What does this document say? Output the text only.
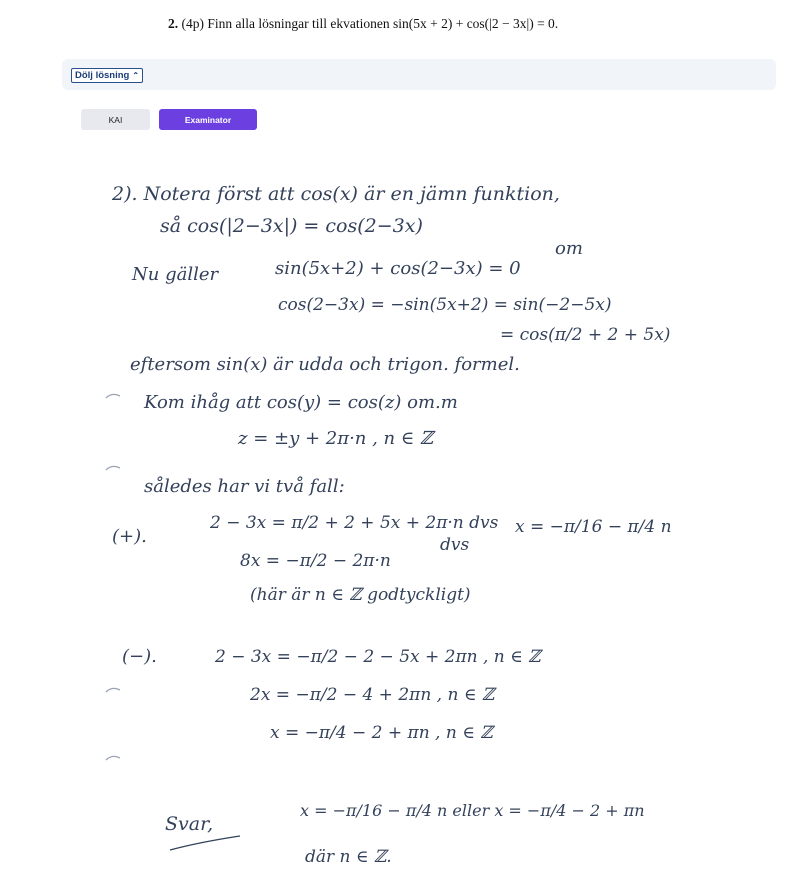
2. (4p) Finn alla lösningar till ekvationen sin(5x + 2) + cos(|2 − 3x|) = 0.
Dölj lösning ⌃
KAI	Examinator
2). Notera först att cos(x) är en jämn funktion,
så cos(|2−3x|) = cos(2−3x)
Nu gäller	sin(5x+2) + cos(2−3x) = 0
om
cos(2−3x) = −sin(5x+2) = sin(−2−5x)
= cos(π/2 + 2 + 5x)
eftersom sin(x) är udda och trigon. formel.
Kom ihåg att cos(y) = cos(z) om.m
z = ±y + 2π·n , n ∈ ℤ
således har vi två fall:
(+).
2 − 3x = π/2 + 2 + 5x + 2π·n dvs
8x = −π/2 − 2π·n
dvs
x = −π/16 − π/4 n
(här är n ∈ ℤ godtyckligt)
(−).	2 − 3x = −π/2 − 2 − 5x + 2πn , n ∈ ℤ
2x = −π/2 − 4 + 2πn , n ∈ ℤ
x = −π/4 − 2 + πn , n ∈ ℤ
Svar,
x = −π/16 − π/4 n eller x = −π/4 − 2 + πn
där n ∈ ℤ.
